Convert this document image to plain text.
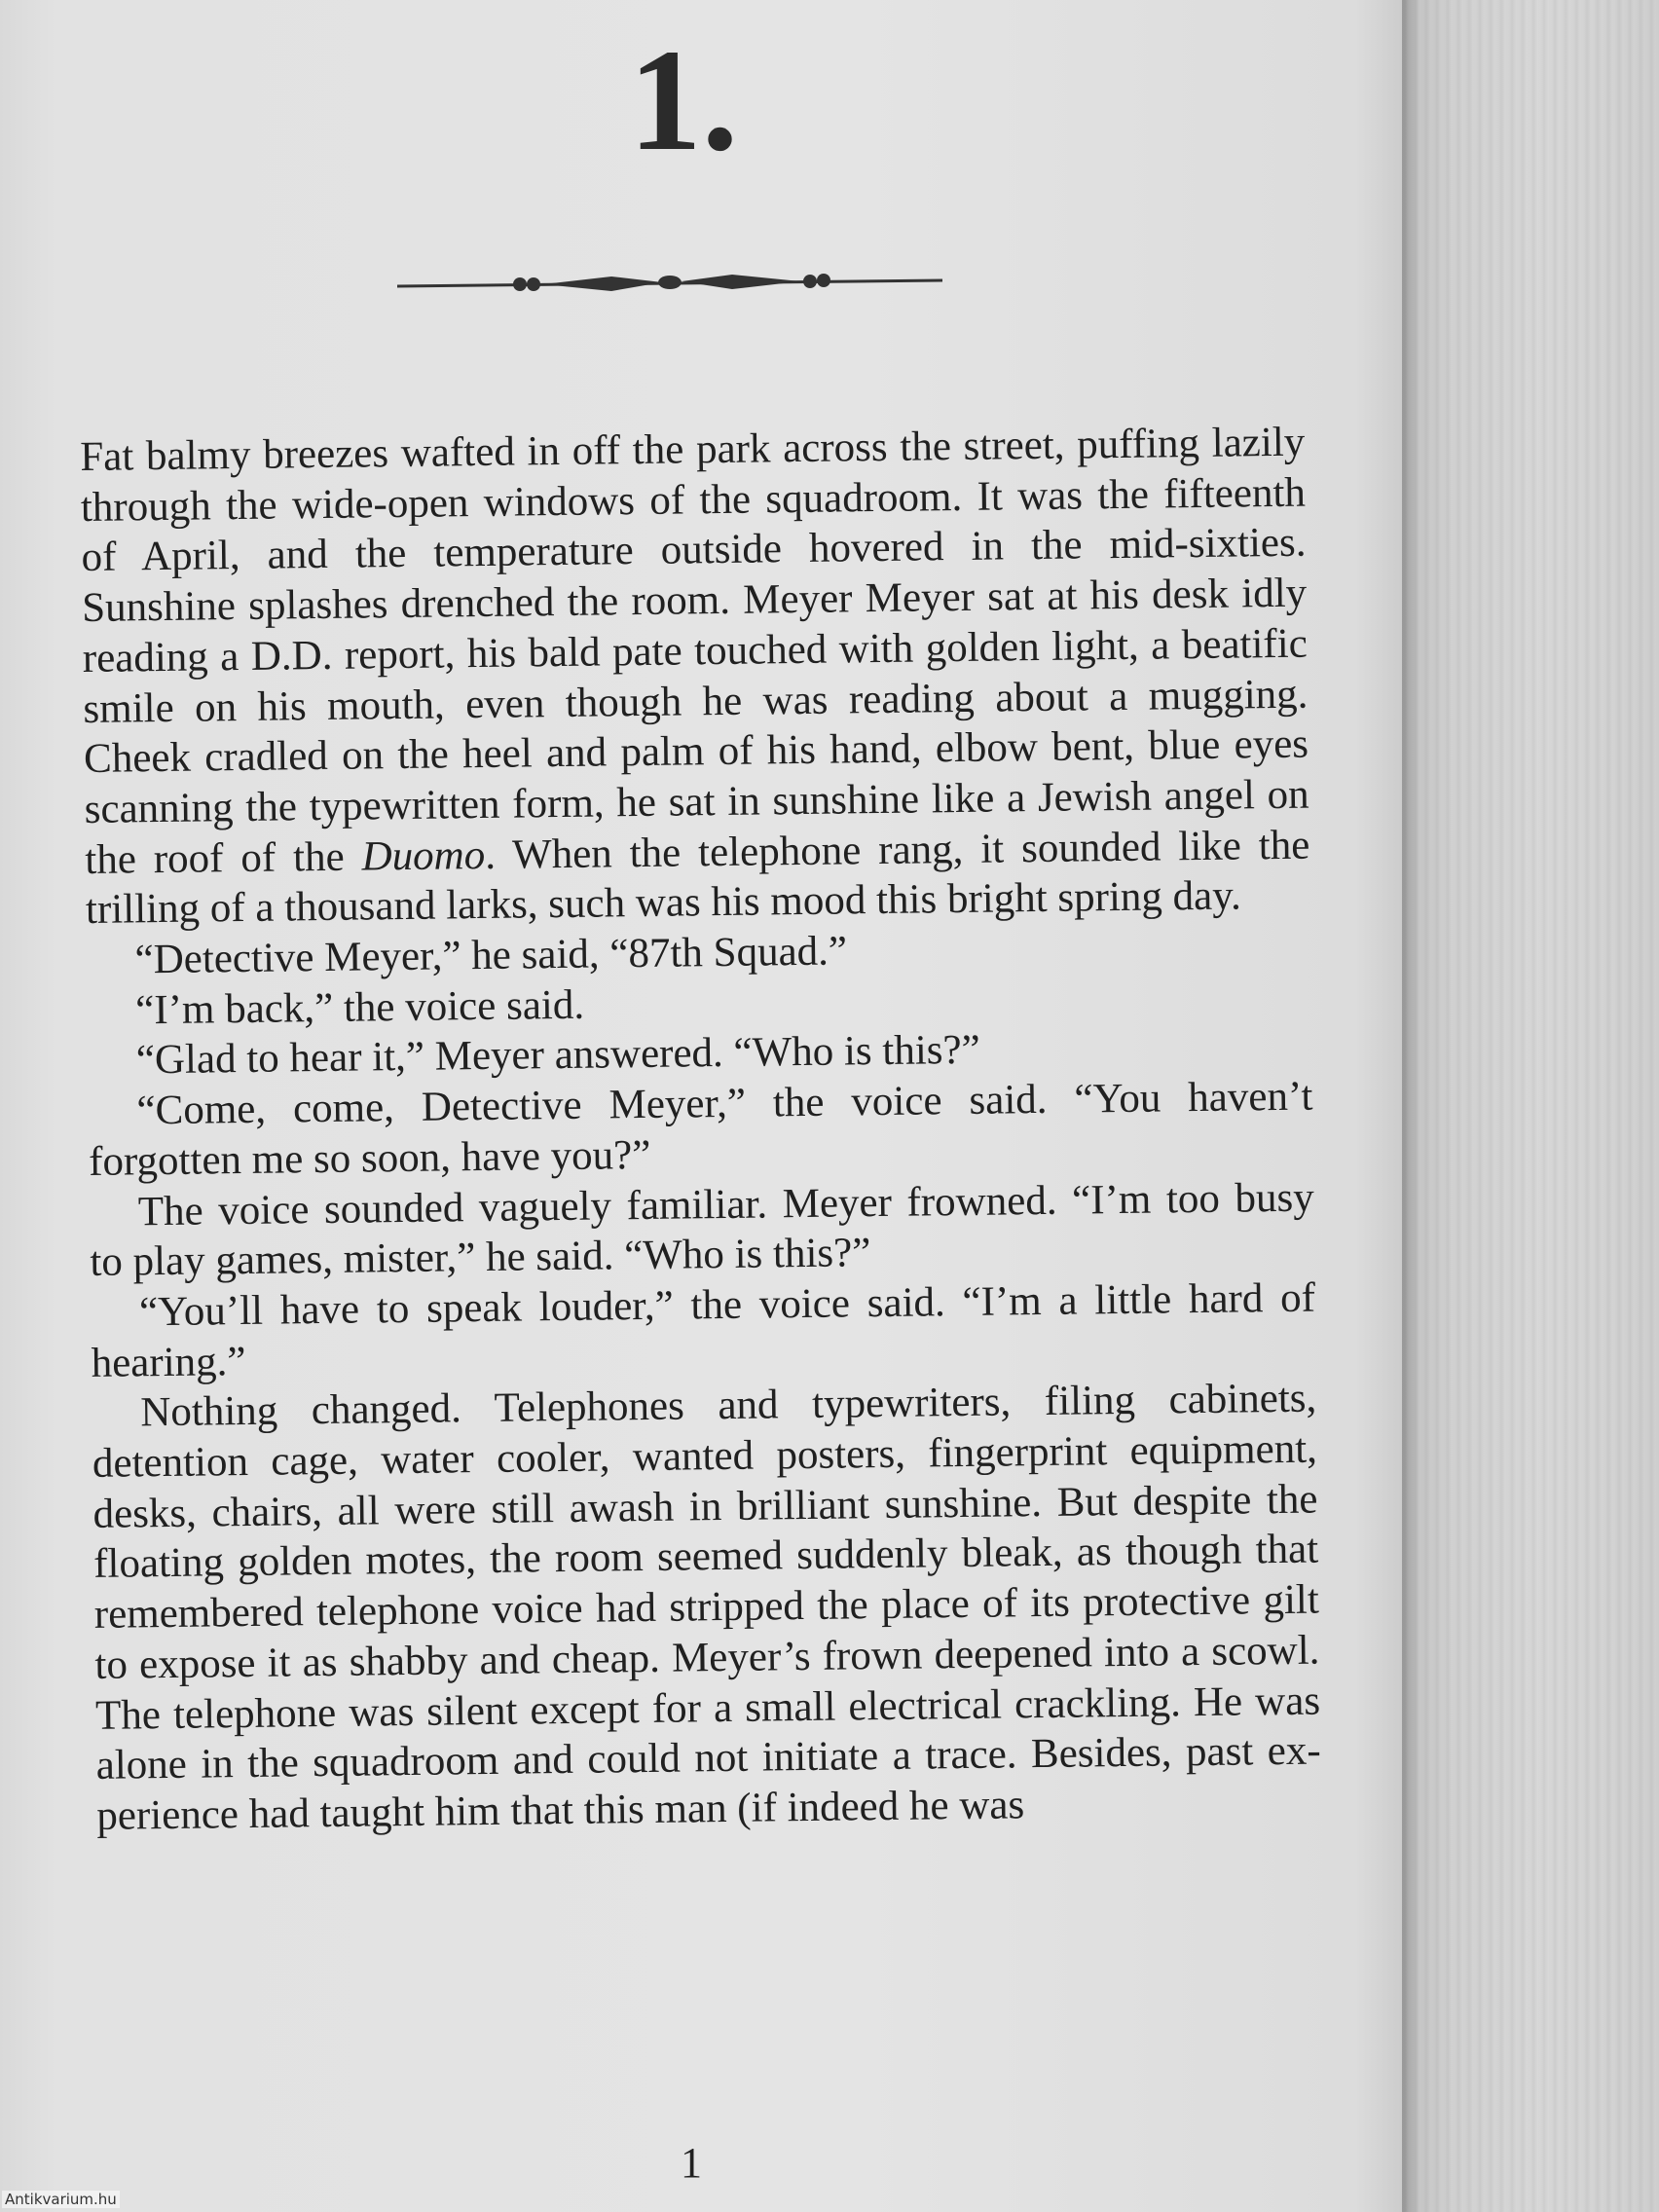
1.

Fat balmy breezes wafted in off the park across the street, puffing lazily through the wide-open windows of the squadroom. It was the fifteenth of April, and the temperature outside hovered in the mid-sixties. Sunshine splashes drenched the room. Meyer Meyer sat at his desk idly reading a D.D. report, his bald pate touched with golden light, a beatific smile on his mouth, even though he was reading about a mugging. Cheek cradled on the heel and palm of his hand, elbow bent, blue eyes scanning the typewritten form, he sat in sunshine like a Jewish angel on the roof of the Duomo. When the telephone rang, it sounded like the trilling of a thousand larks, such was his mood this bright spring day.

“Detective Meyer,” he said, “87th Squad.”

“I’m back,” the voice said.

“Glad to hear it,” Meyer answered. “Who is this?”

“Come, come, Detective Meyer,” the voice said. “You haven’t forgotten me so soon, have you?”

The voice sounded vaguely familiar. Meyer frowned. “I’m too busy to play games, mister,” he said. “Who is this?”

“You’ll have to speak louder,” the voice said. “I’m a little hard of hearing.”

Nothing changed. Telephones and typewriters, filing cabinets, detention cage, water cooler, wanted posters, fingerprint equipment, desks, chairs, all were still awash in brilliant sunshine. But despite the floating golden motes, the room seemed suddenly bleak, as though that remembered telephone voice had stripped the place of its protective gilt to expose it as shabby and cheap. Meyer’s frown deepened into a scowl. The telephone was silent except for a small electrical crackling. He was alone in the squadroom and could not initiate a trace. Besides, past experience had taught him that this man (if indeed he was

1
Antikvarium.hu
